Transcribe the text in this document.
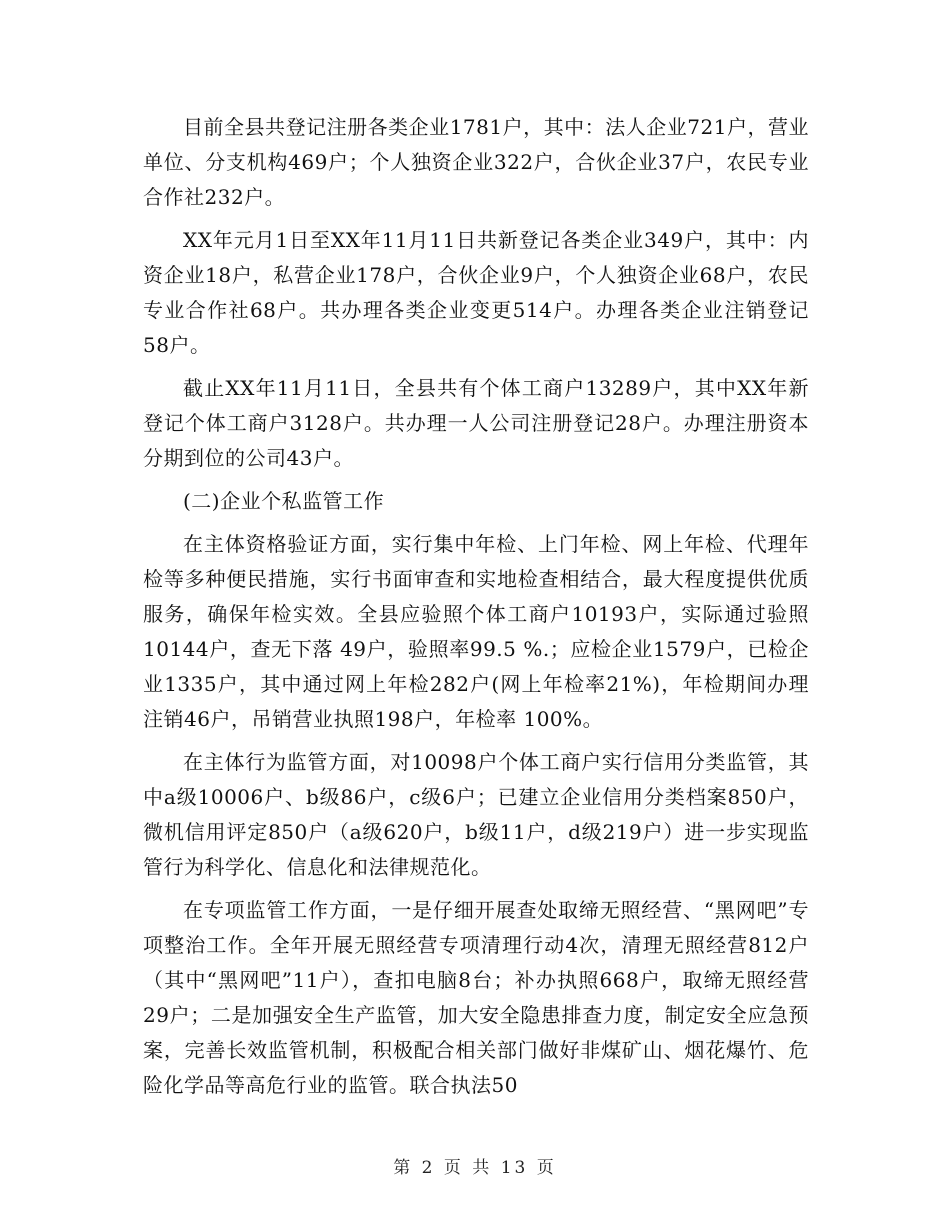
目前全县共登记注册各类企业1781户，其中：法人企业721户，营业单位、分支机构469户；个人独资企业322户，合伙企业37户，农民专业合作社232户。

XX年元月1日至XX年11月11日共新登记各类企业349户，其中：内资企业18户，私营企业178户，合伙企业9户，个人独资企业68户，农民专业合作社68户。共办理各类企业变更514户。办理各类企业注销登记58户。

截止XX年11月11日，全县共有个体工商户13289户，其中XX年新登记个体工商户3128户。共办理一人公司注册登记28户。办理注册资本分期到位的公司43户。

(二)企业个私监管工作

在主体资格验证方面，实行集中年检、上门年检、网上年检、代理年检等多种便民措施，实行书面审查和实地检查相结合，最大程度提供优质服务，确保年检实效。全县应验照个体工商户10193户，实际通过验照10144户，查无下落 49户，验照率99.5 %.；应检企业1579户，已检企业1335户，其中通过网上年检282户(网上年检率21%)，年检期间办理注销46户，吊销营业执照198户，年检率 100%。

在主体行为监管方面，对10098户个体工商户实行信用分类监管，其中a级10006户、b级86户，c级6户；已建立企业信用分类档案850户，微机信用评定850户（a级620户，b级11户，d级219户）进一步实现监管行为科学化、信息化和法律规范化。

在专项监管工作方面，一是仔细开展查处取缔无照经营、“黑网吧”专项整治工作。全年开展无照经营专项清理行动4次，清理无照经营812户（其中“黑网吧”11户），查扣电脑8台；补办执照668户，取缔无照经营29户；二是加强安全生产监管，加大安全隐患排查力度，制定安全应急预案，完善长效监管机制，积极配合相关部门做好非煤矿山、烟花爆竹、危险化学品等高危行业的监管。联合执法50

第 2 页 共 13 页
